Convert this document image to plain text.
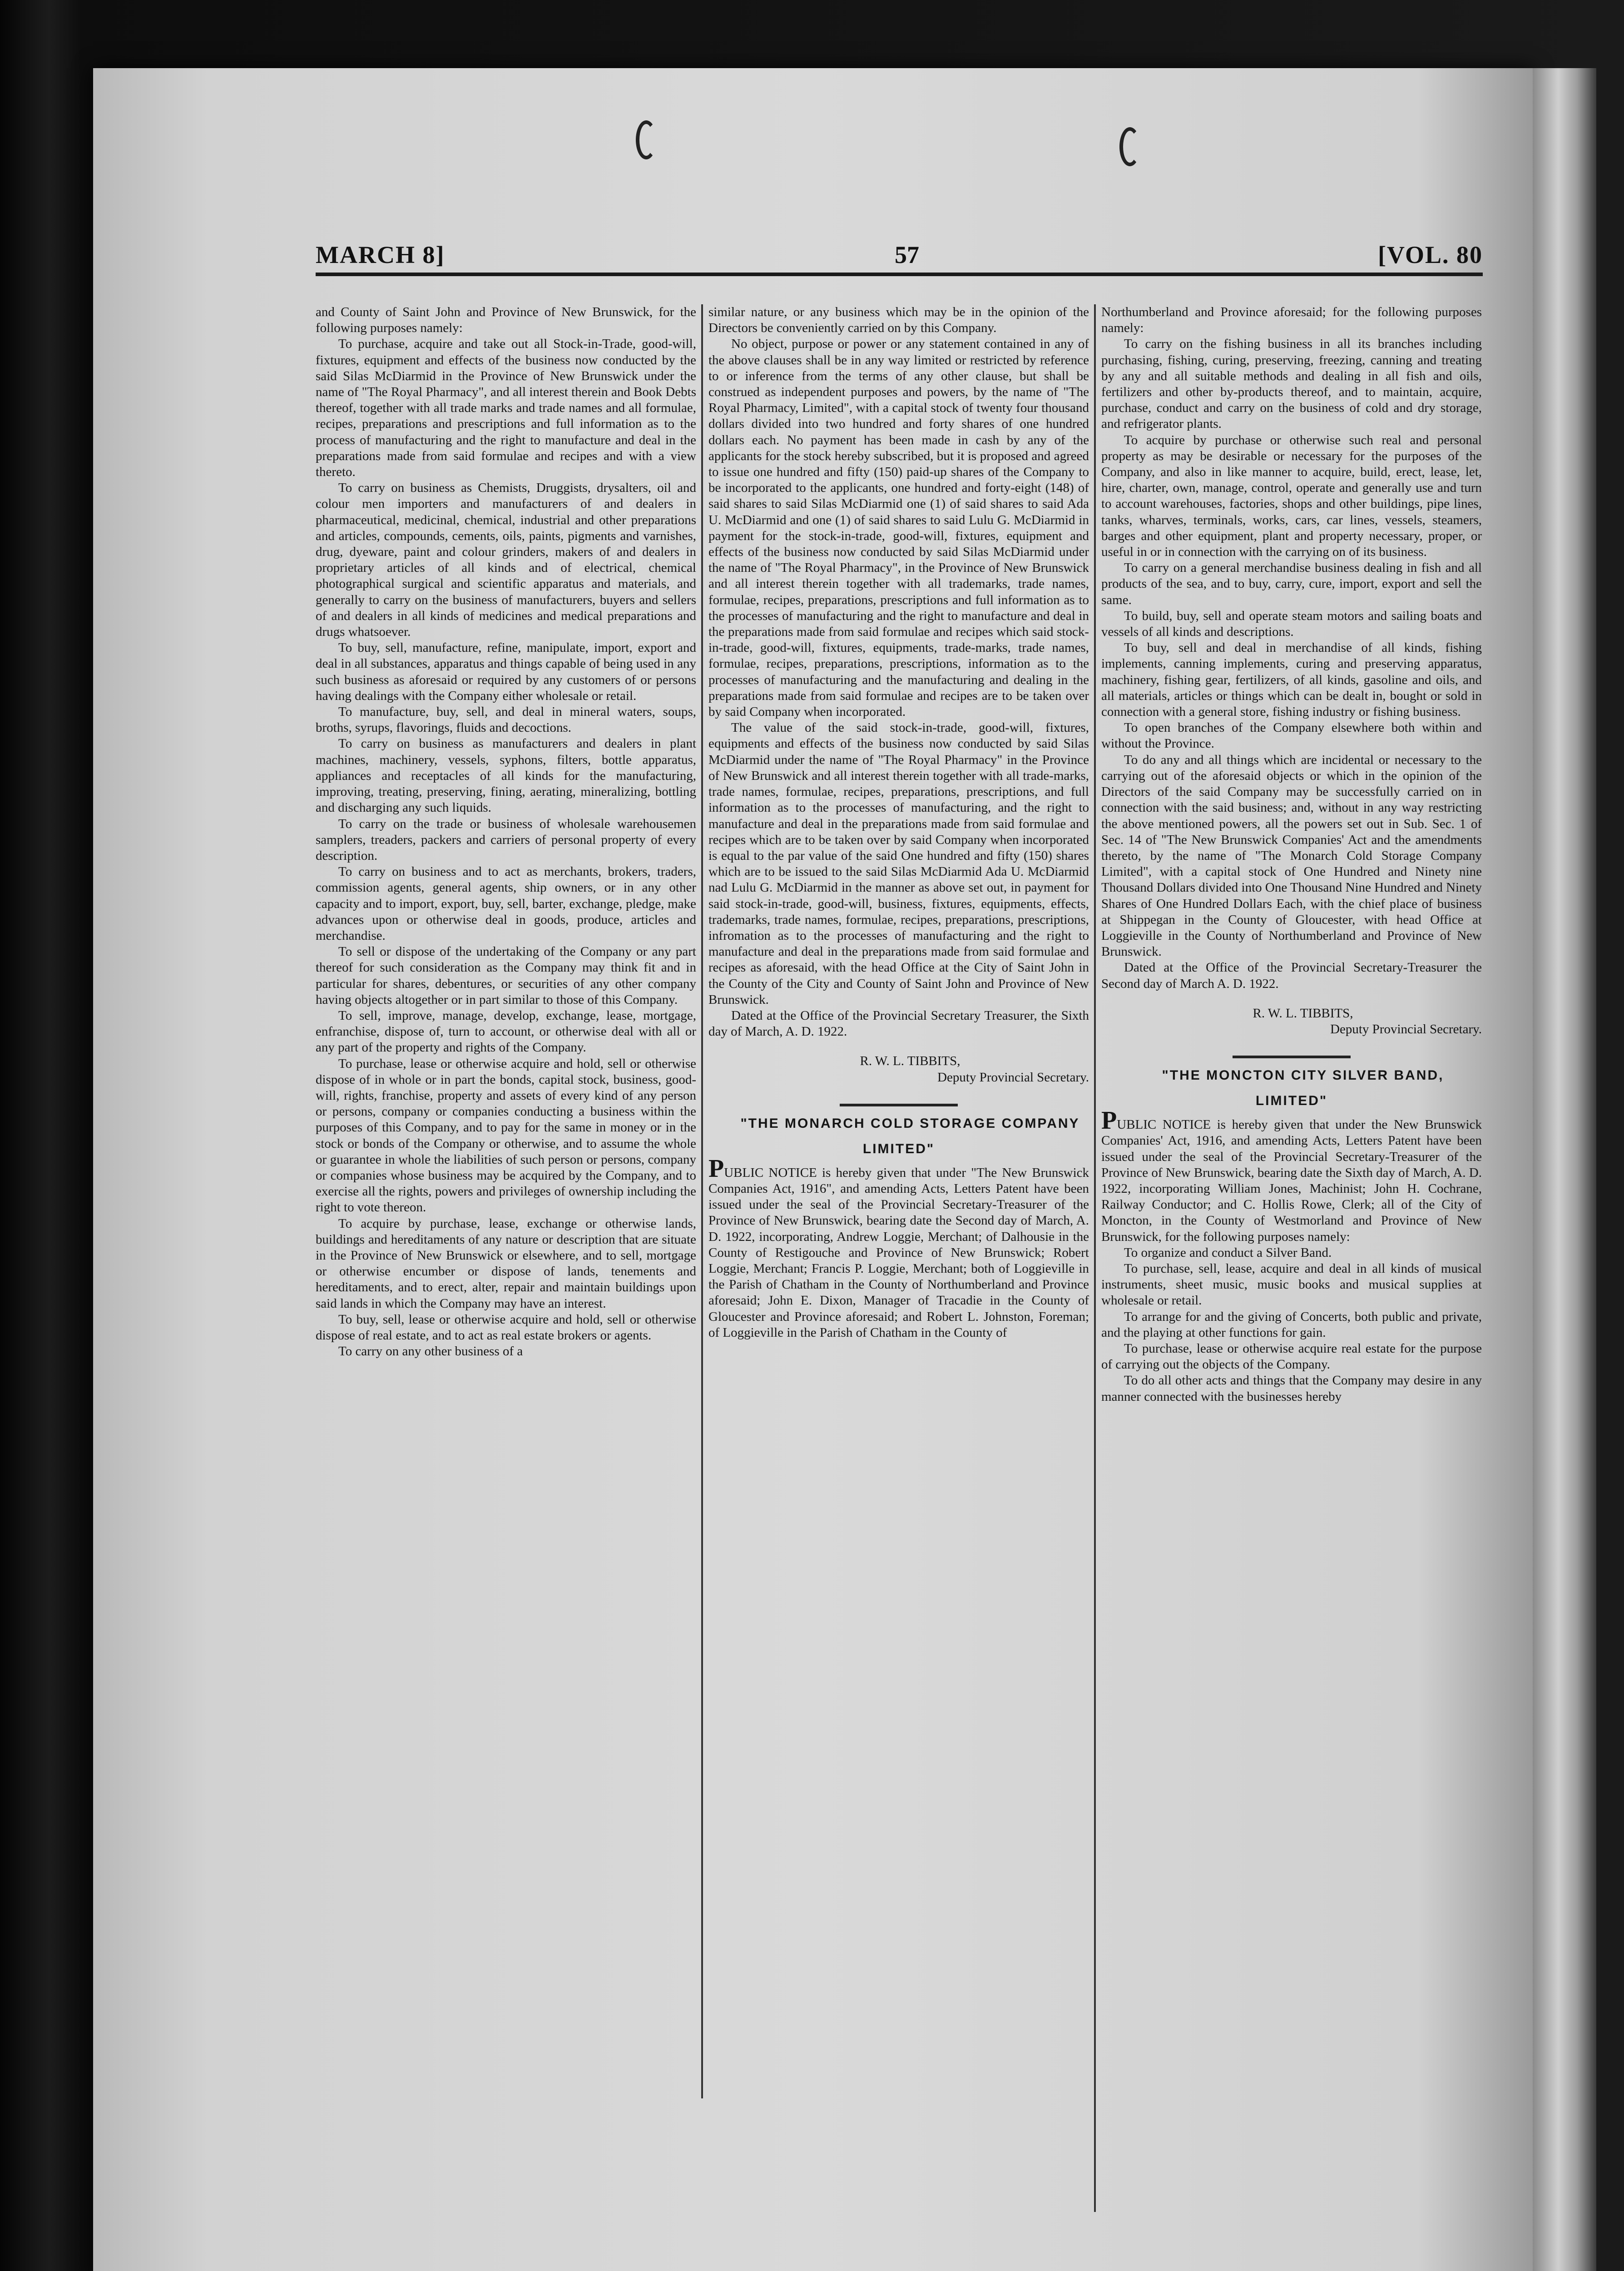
MARCH 8]	57	[VOL. 80

and County of Saint John and Province of New Brunswick, for the following purposes namely:

To purchase, acquire and take out all Stock-in-Trade, good-will, fixtures, equipment and effects of the business now conducted by the said Silas McDiarmid in the Province of New Brunswick under the name of "The Royal Pharmacy", and all interest therein and Book Debts thereof, together with all trade marks and trade names and all formulae, recipes, preparations and prescriptions and full information as to the process of manufacturing and the right to manufacture and deal in the preparations made from said formulae and recipes and with a view thereto.

To carry on business as Chemists, Druggists, drysalters, oil and colour men importers and manufacturers of and dealers in pharmaceutical, medicinal, chemical, industrial and other preparations and articles, compounds, cements, oils, paints, pigments and varnishes, drug, dyeware, paint and colour grinders, makers of and dealers in proprietary articles of all kinds and of electrical, chemical photographical surgical and scientific apparatus and materials, and generally to carry on the business of manufacturers, buyers and sellers of and dealers in all kinds of medicines and medical preparations and drugs whatsoever.

To buy, sell, manufacture, refine, manipulate, import, export and deal in all substances, apparatus and things capable of being used in any such business as aforesaid or required by any customers of or persons having dealings with the Company either wholesale or retail.

To manufacture, buy, sell, and deal in mineral waters, soups, broths, syrups, flavorings, fluids and decoctions.

To carry on business as manufacturers and dealers in plant machines, machinery, vessels, syphons, filters, bottle apparatus, appliances and receptacles of all kinds for the manufacturing, improving, treating, preserving, fining, aerating, mineralizing, bottling and discharging any such liquids.

To carry on the trade or business of wholesale warehousemen samplers, treaders, packers and carriers of personal property of every description.

To carry on business and to act as merchants, brokers, traders, commission agents, general agents, ship owners, or in any other capacity and to import, export, buy, sell, barter, exchange, pledge, make advances upon or otherwise deal in goods, produce, articles and merchandise.

To sell or dispose of the undertaking of the Company or any part thereof for such consideration as the Company may think fit and in particular for shares, debentures, or securities of any other company having objects altogether or in part similar to those of this Company.

To sell, improve, manage, develop, exchange, lease, mortgage, enfranchise, dispose of, turn to account, or otherwise deal with all or any part of the property and rights of the Company.

To purchase, lease or otherwise acquire and hold, sell or otherwise dispose of in whole or in part the bonds, capital stock, business, good-will, rights, franchise, property and assets of every kind of any person or persons, company or companies conducting a business within the purposes of this Company, and to pay for the same in money or in the stock or bonds of the Company or otherwise, and to assume the whole or guarantee in whole the liabilities of such person or persons, company or companies whose business may be acquired by the Company, and to exercise all the rights, powers and privileges of ownership including the right to vote thereon.

To acquire by purchase, lease, exchange or otherwise lands, buildings and hereditaments of any nature or description that are situate in the Province of New Brunswick or elsewhere, and to sell, mortgage or otherwise encumber or dispose of lands, tenements and hereditaments, and to erect, alter, repair and maintain buildings upon said lands in which the Company may have an interest.

To buy, sell, lease or otherwise acquire and hold, sell or otherwise dispose of real estate, and to act as real estate brokers or agents.

To carry on any other business of a

similar nature, or any business which may be in the opinion of the Directors be conveniently carried on by this Company.

No object, purpose or power or any statement contained in any of the above clauses shall be in any way limited or restricted by reference to or inference from the terms of any other clause, but shall be construed as independent purposes and powers, by the name of "The Royal Pharmacy, Limited", with a capital stock of twenty four thousand dollars divided into two hundred and forty shares of one hundred dollars each. No payment has been made in cash by any of the applicants for the stock hereby subscribed, but it is proposed and agreed to issue one hundred and fifty (150) paid-up shares of the Company to be incorporated to the applicants, one hundred and forty-eight (148) of said shares to said Silas McDiarmid one (1) of said shares to said Ada U. McDiarmid and one (1) of said shares to said Lulu G. McDiarmid in payment for the stock-in-trade, good-will, fixtures, equipment and effects of the business now conducted by said Silas McDiarmid under the name of "The Royal Pharmacy", in the Province of New Brunswick and all interest therein together with all trademarks, trade names, formulae, recipes, preparations, prescriptions and full information as to the processes of manufacturing and the right to manufacture and deal in the preparations made from said formulae and recipes which said stock-in-trade, good-will, fixtures, equipments, trade-marks, trade names, formulae, recipes, preparations, prescriptions, information as to the processes of manufacturing and the manufacturing and dealing in the preparations made from said formulae and recipes are to be taken over by said Company when incorporated.

The value of the said stock-in-trade, good-will, fixtures, equipments and effects of the business now conducted by said Silas McDiarmid under the name of "The Royal Pharmacy" in the Province of New Brunswick and all interest therein together with all trade-marks, trade names, formulae, recipes, preparations, prescriptions, and full information as to the processes of manufacturing, and the right to manufacture and deal in the preparations made from said formulae and recipes which are to be taken over by said Company when incorporated is equal to the par value of the said One hundred and fifty (150) shares which are to be issued to the said Silas McDiarmid Ada U. McDiarmid nad Lulu G. McDiarmid in the manner as above set out, in payment for said stock-in-trade, good-will, business, fixtures, equipments, effects, trademarks, trade names, formulae, recipes, preparations, prescriptions, infromation as to the processes of manufacturing and the right to manufacture and deal in the preparations made from said formulae and recipes as aforesaid, with the head Office at the City of Saint John in the County of the City and County of Saint John and Province of New Brunswick.

Dated at the Office of the Provincial Secretary Treasurer, the Sixth day of March, A. D. 1922.

R. W. L. TIBBITS,

Deputy Provincial Secretary.

"THE MONARCH COLD STORAGE COMPANY LIMITED"

PUBLIC NOTICE is hereby given that under "The New Brunswick Companies Act, 1916", and amending Acts, Letters Patent have been issued under the seal of the Provincial Secretary-Treasurer of the Province of New Brunswick, bearing date the Second day of March, A. D. 1922, incorporating, Andrew Loggie, Merchant; of Dalhousie in the County of Restigouche and Province of New Brunswick; Robert Loggie, Merchant; Francis P. Loggie, Merchant; both of Loggieville in the Parish of Chatham in the County of Northumberland and Province aforesaid; John E. Dixon, Manager of Tracadie in the County of Gloucester and Province aforesaid; and Robert L. Johnston, Foreman; of Loggieville in the Parish of Chatham in the County of

Northumberland and Province aforesaid; for the following purposes namely:

To carry on the fishing business in all its branches including purchasing, fishing, curing, preserving, freezing, canning and treating by any and all suitable methods and dealing in all fish and oils, fertilizers and other by-products thereof, and to maintain, acquire, purchase, conduct and carry on the business of cold and dry storage, and refrigerator plants.

To acquire by purchase or otherwise such real and personal property as may be desirable or necessary for the purposes of the Company, and also in like manner to acquire, build, erect, lease, let, hire, charter, own, manage, control, operate and generally use and turn to account warehouses, factories, shops and other buildings, pipe lines, tanks, wharves, terminals, works, cars, car lines, vessels, steamers, barges and other equipment, plant and property necessary, proper, or useful in or in connection with the carrying on of its business.

To carry on a general merchandise business dealing in fish and all products of the sea, and to buy, carry, cure, import, export and sell the same.

To build, buy, sell and operate steam motors and sailing boats and vessels of all kinds and descriptions.

To buy, sell and deal in merchandise of all kinds, fishing implements, canning implements, curing and preserving apparatus, machinery, fishing gear, fertilizers, of all kinds, gasoline and oils, and all materials, articles or things which can be dealt in, bought or sold in connection with a general store, fishing industry or fishing business.

To open branches of the Company elsewhere both within and without the Province.

To do any and all things which are incidental or necessary to the carrying out of the aforesaid objects or which in the opinion of the Directors of the said Company may be successfully carried on in connection with the said business; and, without in any way restricting the above mentioned powers, all the powers set out in Sub. Sec. 1 of Sec. 14 of "The New Brunswick Companies' Act and the amendments thereto, by the name of "The Monarch Cold Storage Company Limited", with a capital stock of One Hundred and Ninety nine Thousand Dollars divided into One Thousand Nine Hundred and Ninety Shares of One Hundred Dollars Each, with the chief place of business at Shippegan in the County of Gloucester, with head Office at Loggieville in the County of Northumberland and Province of New Brunswick.

Dated at the Office of the Provincial Secretary-Treasurer the Second day of March A. D. 1922.

R. W. L. TIBBITS,

Deputy Provincial Secretary.

"THE MONCTON CITY SILVER BAND, LIMITED"

PUBLIC NOTICE is hereby given that under the New Brunswick Companies' Act, 1916, and amending Acts, Letters Patent have been issued under the seal of the Provincial Secretary-Treasurer of the Province of New Brunswick, bearing date the Sixth day of March, A. D. 1922, incorporating William Jones, Machinist; John H. Cochrane, Railway Conductor; and C. Hollis Rowe, Clerk; all of the City of Moncton, in the County of Westmorland and Province of New Brunswick, for the following purposes namely:

To organize and conduct a Silver Band.

To purchase, sell, lease, acquire and deal in all kinds of musical instruments, sheet music, music books and musical supplies at wholesale or retail.

To arrange for and the giving of Concerts, both public and private, and the playing at other functions for gain.

To purchase, lease or otherwise acquire real estate for the purpose of carrying out the objects of the Company.

To do all other acts and things that the Company may desire in any manner connected with the businesses hereby
